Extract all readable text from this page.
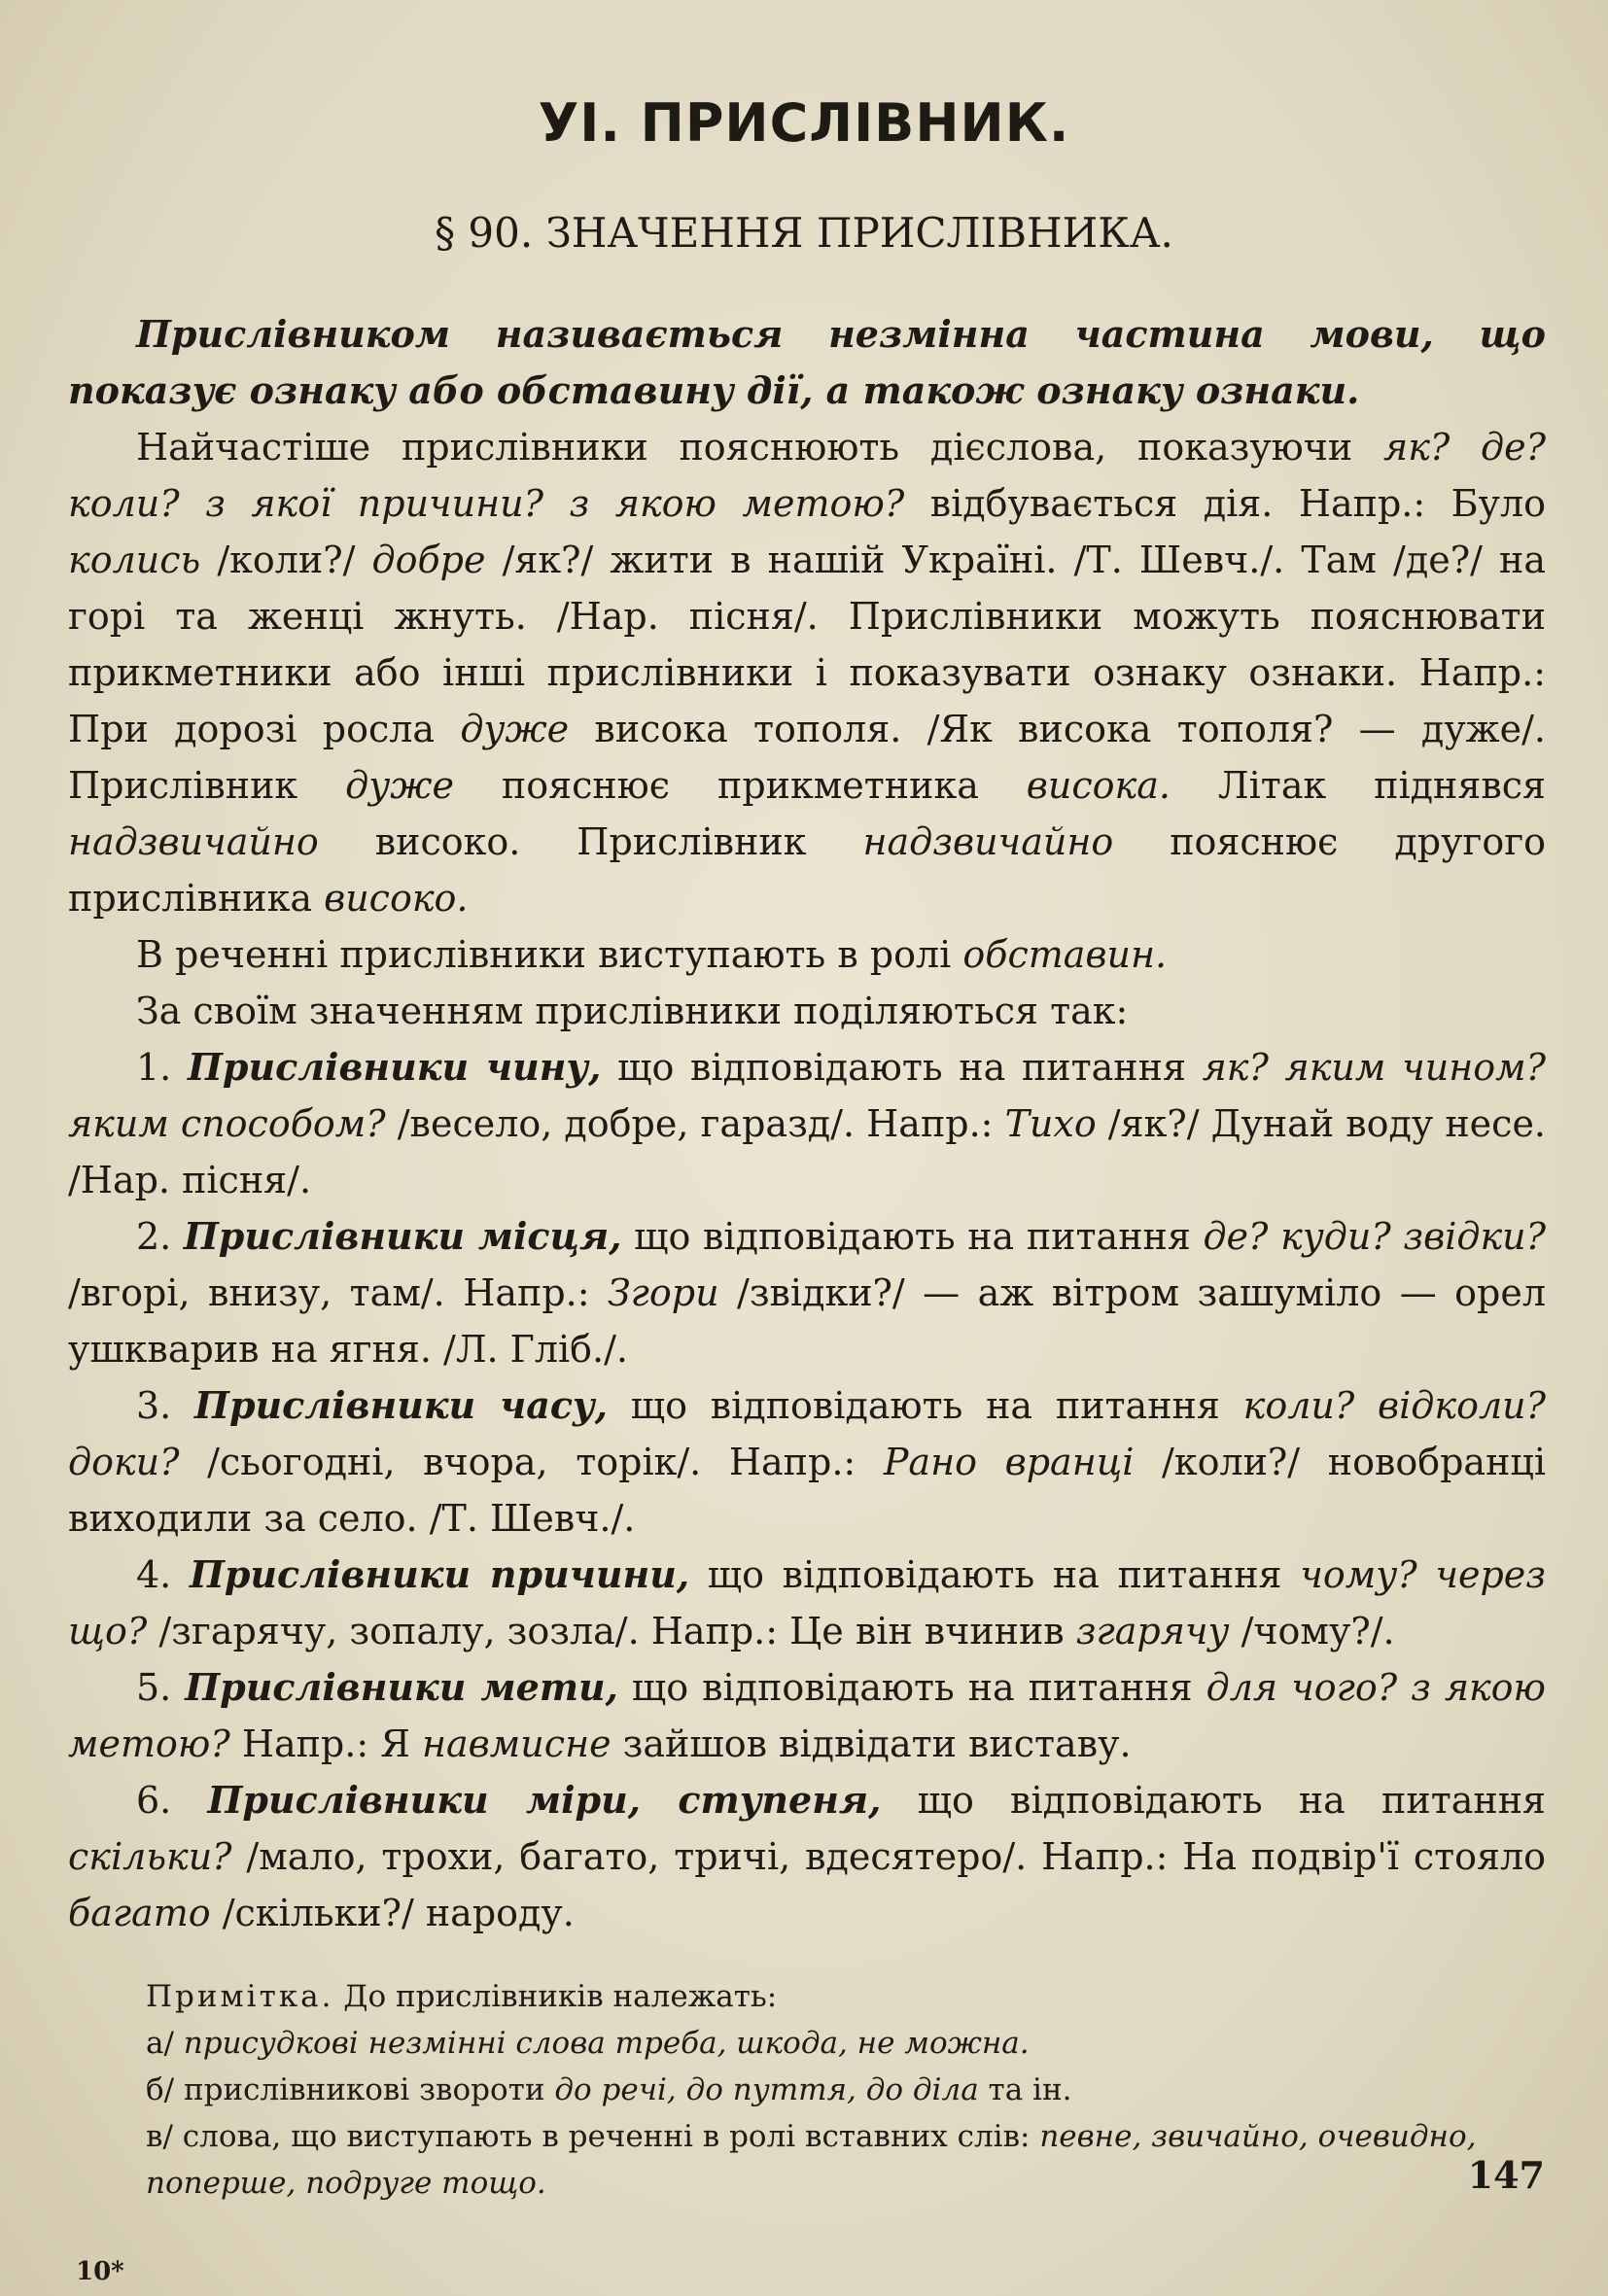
УІ. ПРИСЛІВНИК.
§ 90. ЗНАЧЕННЯ ПРИСЛІВНИКА.

Прислівником називається незмінна частина мови, що показує ознаку або обставину дії, а також ознаку ознаки.

Найчастіше прислівники пояснюють дієслова, показуючи як? де? коли? з якої причини? з якою метою? відбувається дія. Напр.: Було колись /коли?/ добре /як?/ жити в нашій Україні. /Т. Шевч./. Там /де?/ на горі та женці жнуть. /Нар. пісня/. Прислівники можуть пояснювати прикметники або інші прислівники і показувати ознаку ознаки. Напр.: При дорозі росла дуже висока тополя. /Як висока тополя? — дуже/. Прислівник дуже пояснює прикметника висока. Літак піднявся надзвичайно високо. Прислівник надзвичайно пояснює другого прислівника високо.

В реченні прислівники виступають в ролі обставин.

За своїм значенням прислівники поділяються так:

1. Прислівники чину, що відповідають на питання як? яким чином? яким способом? /весело, добре, гаразд/. Напр.: Тихо /як?/ Дунай воду несе. /Нар. пісня/.

2. Прислівники місця, що відповідають на питання де? куди? звідки? /вгорі, внизу, там/. Напр.: Згори /звідки?/ — аж вітром зашуміло — орел ушкварив на ягня. /Л. Гліб./.

3. Прислівники часу, що відповідають на питання коли? відколи? доки? /сьогодні, вчора, торік/. Напр.: Рано вранці /коли?/ новобранці виходили за село. /Т. Шевч./.

4. Прислівники причини, що відповідають на питання чому? через що? /згарячу, зопалу, зозла/. Напр.: Це він вчинив згарячу /чому?/.

5. Прислівники мети, що відповідають на питання для чого? з якою метою? Напр.: Я навмисне зайшов відвідати виставу.

6. Прислівники міри, ступеня, що відповідають на питання скільки? /мало, трохи, багато, тричі, вдесятеро/. Напр.: На подвір'ї стояло багато /скільки?/ народу.

Примітка. До прислівників належать:

а/ присудкові незмінні слова треба, шкода, не можна.

б/ прислівникові звороти до речі, до пуття, до діла та ін.

в/ слова, що виступають в реченні в ролі вставних слів: певне, звичайно, очевидно, поперше, подруге тощо.	147
10*
